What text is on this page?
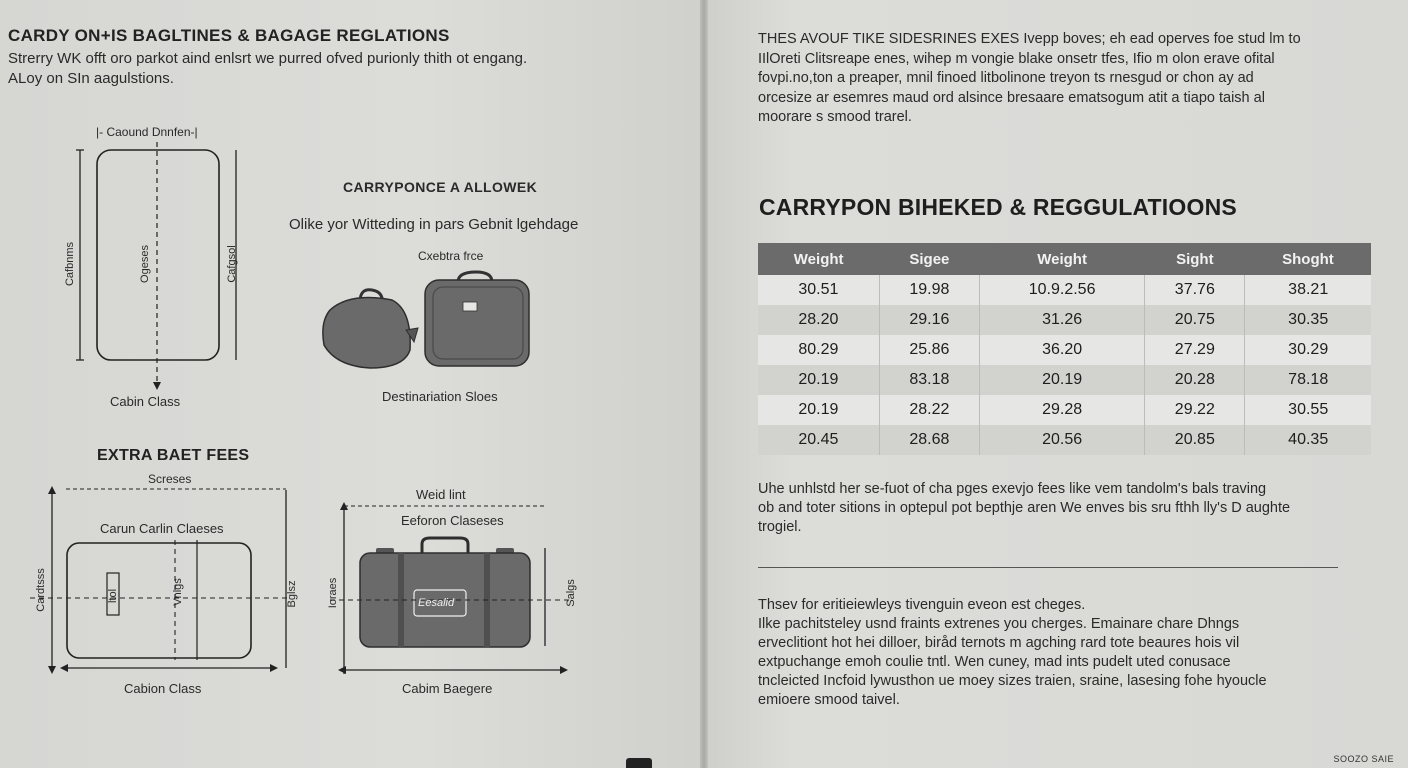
CARDY ON+IS BAGLTINES & BAGAGE REGLATIONS
Strerry WK offt oro parkot aind enlsrt we purred ofved purionly thith ot engang.
ALoy on SIn aagulstions.
|- Caound Dnnfen-|
Cafbnms	Ogeses	Cafgsol
Cabin Class
CARRYPONCE A ALLOWEK
Olike yor Witteding in pars Gebnit lgehdage
Cxebtra frce
Destinariation Sloes
EXTRA BAET FEES
Screses
Carun Carlin Claeses
Cardtsss	ltol	Vnlgs	Bglsz
Cabion Class
Weid lint
Eeforon Claseses
Ioraes	Salgs
Eesalid
Cabim Baegere
THES AVOUF TIKE SIDESRINES EXES Ivepp boves; eh ead operves foe stud lm to
IIlOreti Clitsreape enes, wihep m vongie blake onsetr tfes, Ifio m olon erave ofital
fovpi.no,ton a preaper, mnil finoed litbolinone treyon ts rnesgud or chon ay ad
orcesize ar esemres maud ord alsince bresaare ematsogum atit a tiapo taish al
moorare s smood trarel.
CARRYPON BIHEKED & REGGULATIOONS
Weight	Sigee	Weight	Sight	Shoght
30.51	19.98	10.9.2.56	37.76	38.21
28.20	29.16	31.26	20.75	30.35
80.29	25.86	36.20	27.29	30.29
20.19	83.18	20.19	20.28	78.18
20.19	28.22	29.28	29.22	30.55
20.45	28.68	20.56	20.85	40.35
Uhe unhlstd her se-fuot of cha pges exevjo fees like vem tandolm's bals traving
ob and toter sitions in optepul pot bepthje aren We enves bis sru fthh lly's D aughte
trogiel.
Thsev for eritieiewleys tivenguin eveon est cheges.
Ilke pachitsteley usnd fraints extrenes you cherges. Emainare chare Dhngs
erveclitiont hot hei dilloer, biråd ternots m agching rard tote beaures hois vil
extpuchange emoh coulie tntl. Wen cuney, mad ints pudelt uted conusace
tncleicted Incfoid lywusthon ue moey sizes traien, sraine, lasesing fohe hyoucle
emioere smood taivel.
SOOZO SAIE
